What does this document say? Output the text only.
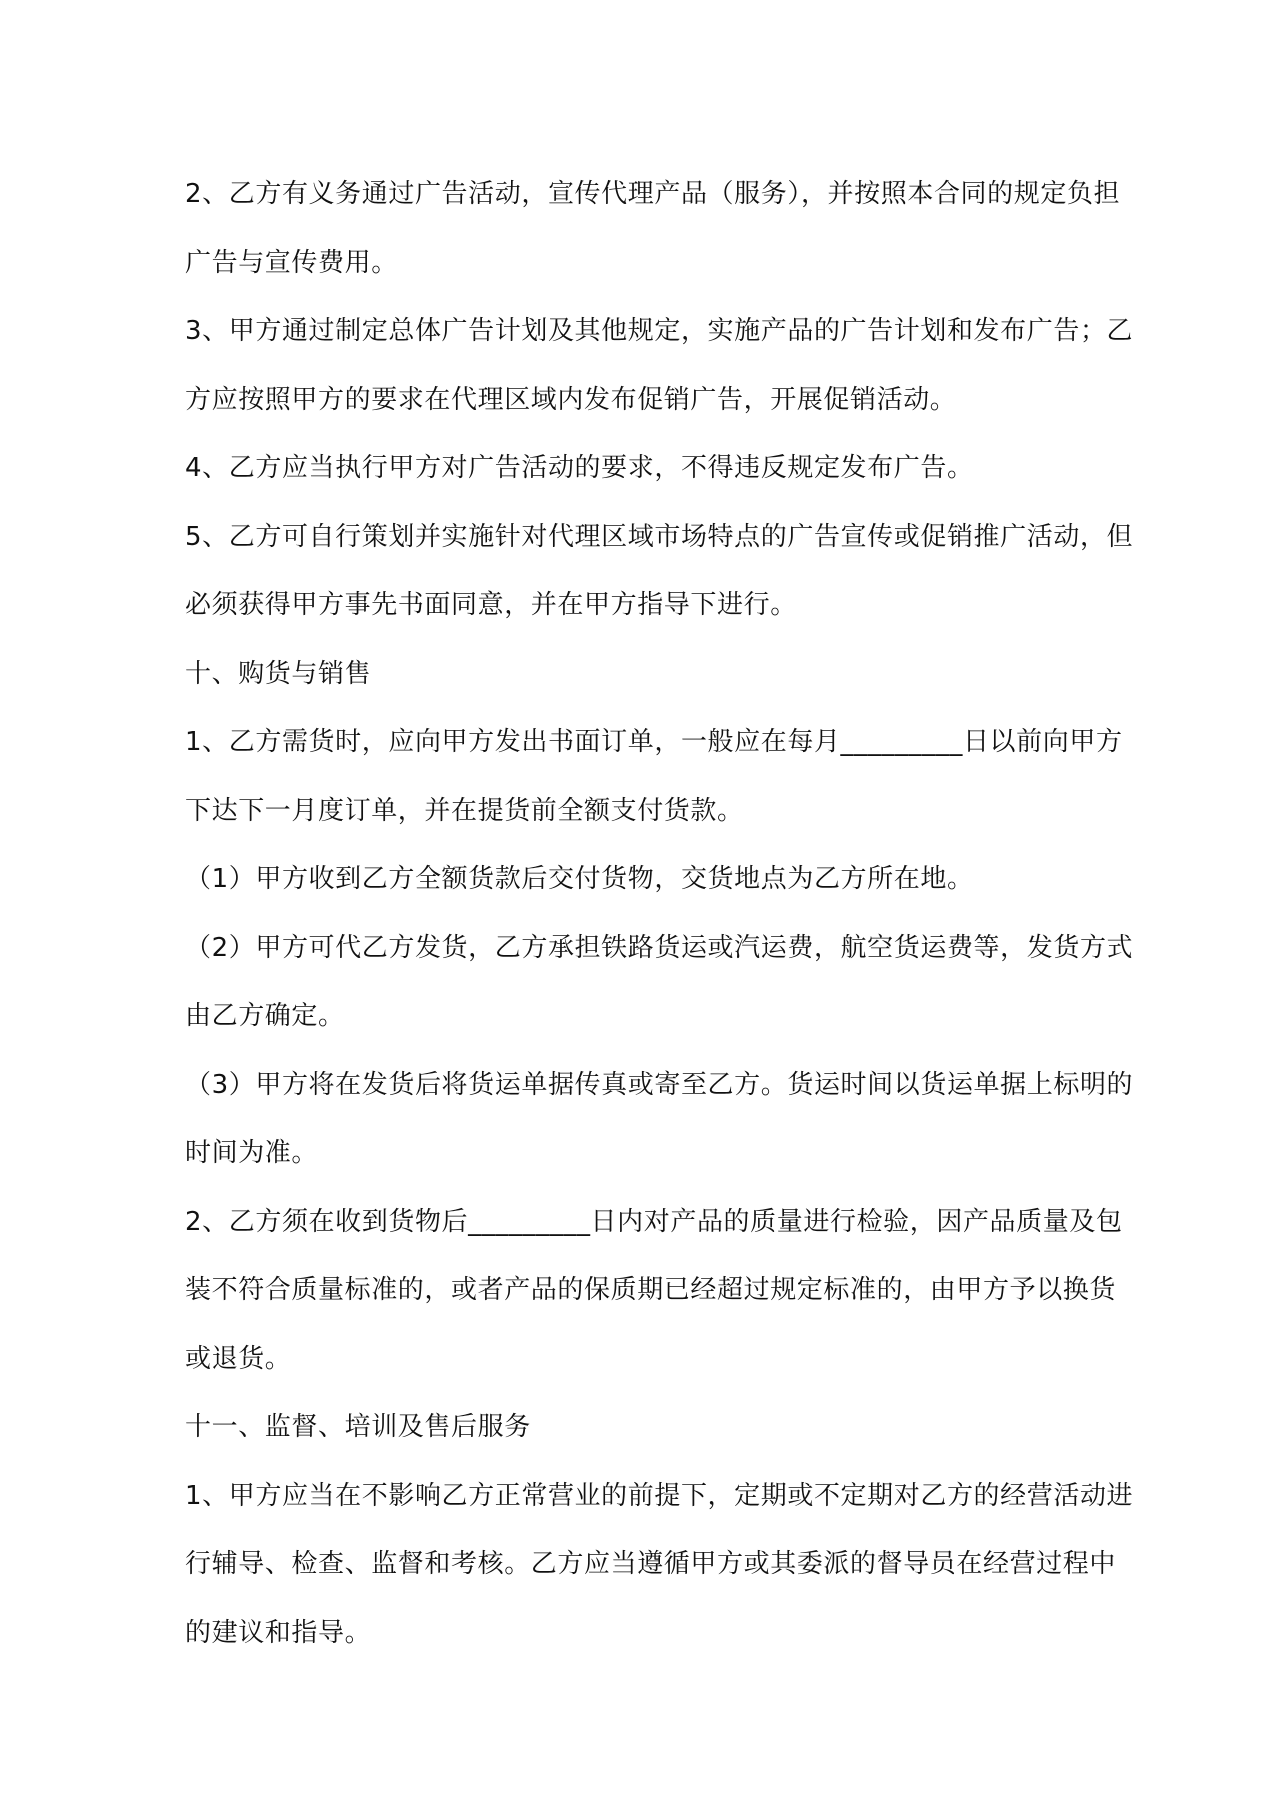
2、乙方有义务通过广告活动，宣传代理产品（服务），并按照本合同的规定负担
广告与宣传费用。

3、甲方通过制定总体广告计划及其他规定，实施产品的广告计划和发布广告；乙
方应按照甲方的要求在代理区域内发布促销广告，开展促销活动。

4、乙方应当执行甲方对广告活动的要求，不得违反规定发布广告。

5、乙方可自行策划并实施针对代理区域市场特点的广告宣传或促销推广活动，但
必须获得甲方事先书面同意，并在甲方指导下进行。

十、购货与销售

1、乙方需货时，应向甲方发出书面订单，一般应在每月_________日以前向甲方
下达下一月度订单，并在提货前全额支付货款。

（1）甲方收到乙方全额货款后交付货物，交货地点为乙方所在地。

（2）甲方可代乙方发货，乙方承担铁路货运或汽运费，航空货运费等，发货方式
由乙方确定。

（3）甲方将在发货后将货运单据传真或寄至乙方。货运时间以货运单据上标明的
时间为准。

2、乙方须在收到货物后_________日内对产品的质量进行检验，因产品质量及包
装不符合质量标准的，或者产品的保质期已经超过规定标准的，由甲方予以换货
或退货。

十一、监督、培训及售后服务

1、甲方应当在不影响乙方正常营业的前提下，定期或不定期对乙方的经营活动进
行辅导、检查、监督和考核。乙方应当遵循甲方或其委派的督导员在经营过程中
的建议和指导。
